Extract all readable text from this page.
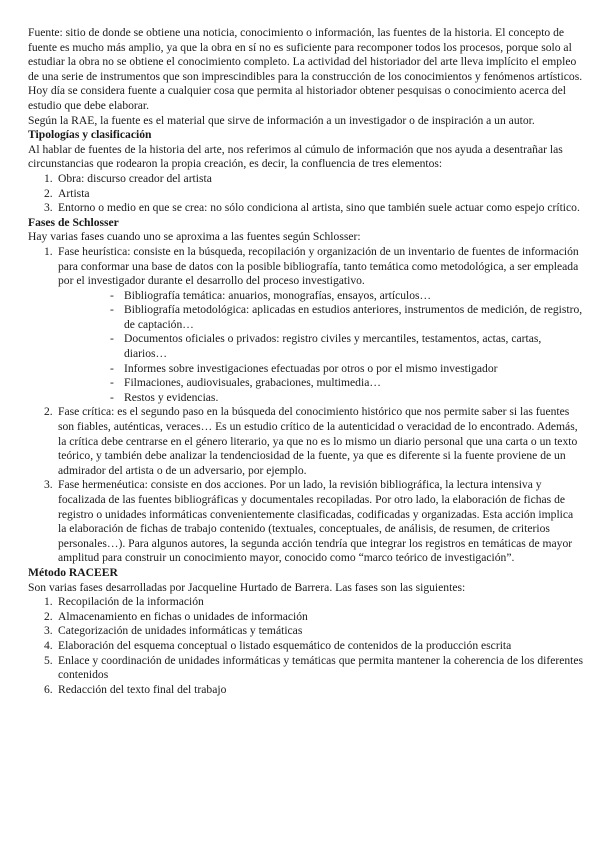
Fuente: sitio de donde se obtiene una noticia, conocimiento o información, las fuentes de la historia. El concepto de fuente es mucho más amplio, ya que la obra en sí no es suficiente para recomponer todos los procesos, porque solo al estudiar la obra no se obtiene el conocimiento completo. La actividad del historiador del arte lleva implícito el empleo de una serie de instrumentos que son imprescindibles para la construcción de los conocimientos y fenómenos artísticos.

Hoy día se considera fuente a cualquier cosa que permita al historiador obtener pesquisas o conocimiento acerca del estudio que debe elaborar.

Según la RAE, la fuente es el material que sirve de información a un investigador o de inspiración a un autor.

Tipologías y clasificación

Al hablar de fuentes de la historia del arte, nos referimos al cúmulo de información que nos ayuda a desentrañar las circunstancias que rodearon la propia creación, es decir, la confluencia de tres elementos:

1. Obra: discurso creador del artista
2. Artista
3. Entorno o medio en que se crea: no sólo condiciona al artista, sino que también suele actuar como espejo crítico.
Fases de Schlosser

Hay varias fases cuando uno se aproxima a las fuentes según Schlosser:

1. Fase heurística: consiste en la búsqueda, recopilación y organización de un inventario de fuentes de información para conformar una base de datos con la posible bibliografía, tanto temática como metodológica, a ser empleada por el investigador durante el desarrollo del proceso investigativo.
- Bibliografía temática: anuarios, monografías, ensayos, artículos…
- Bibliografía metodológica: aplicadas en estudios anteriores, instrumentos de medición, de registro, de captación…
- Documentos oficiales o privados: registro civiles y mercantiles, testamentos, actas, cartas, diarios…
- Informes sobre investigaciones efectuadas por otros o por el mismo investigador
- Filmaciones, audiovisuales, grabaciones, multimedia…
- Restos y evidencias.
2. Fase crítica: es el segundo paso en la búsqueda del conocimiento histórico que nos permite saber si las fuentes son fiables, auténticas, veraces… Es un estudio crítico de la autenticidad o veracidad de lo encontrado. Además, la crítica debe centrarse en el género literario, ya que no es lo mismo un diario personal que una carta o un texto teórico, y también debe analizar la tendenciosidad de la fuente, ya que es diferente si la fuente proviene de un admirador del artista o de un adversario, por ejemplo.
3. Fase hermenéutica: consiste en dos acciones. Por un lado, la revisión bibliográfica, la lectura intensiva y focalizada de las fuentes bibliográficas y documentales recopiladas. Por otro lado, la elaboración de fichas de registro o unidades informáticas convenientemente clasificadas, codificadas y organizadas. Esta acción implica la elaboración de fichas de trabajo contenido (textuales, conceptuales, de análisis, de resumen, de criterios personales…). Para algunos autores, la segunda acción tendría que integrar los registros en temáticas de mayor amplitud para construir un conocimiento mayor, conocido como “marco teórico de investigación”.
Método RACEER

Son varias fases desarrolladas por Jacqueline Hurtado de Barrera. Las fases son las siguientes:

1. Recopilación de la información
2. Almacenamiento en fichas o unidades de información
3. Categorización de unidades informáticas y temáticas
4. Elaboración del esquema conceptual o listado esquemático de contenidos de la producción escrita
5. Enlace y coordinación de unidades informáticas y temáticas que permita mantener la coherencia de los diferentes contenidos
6. Redacción del texto final del trabajo
